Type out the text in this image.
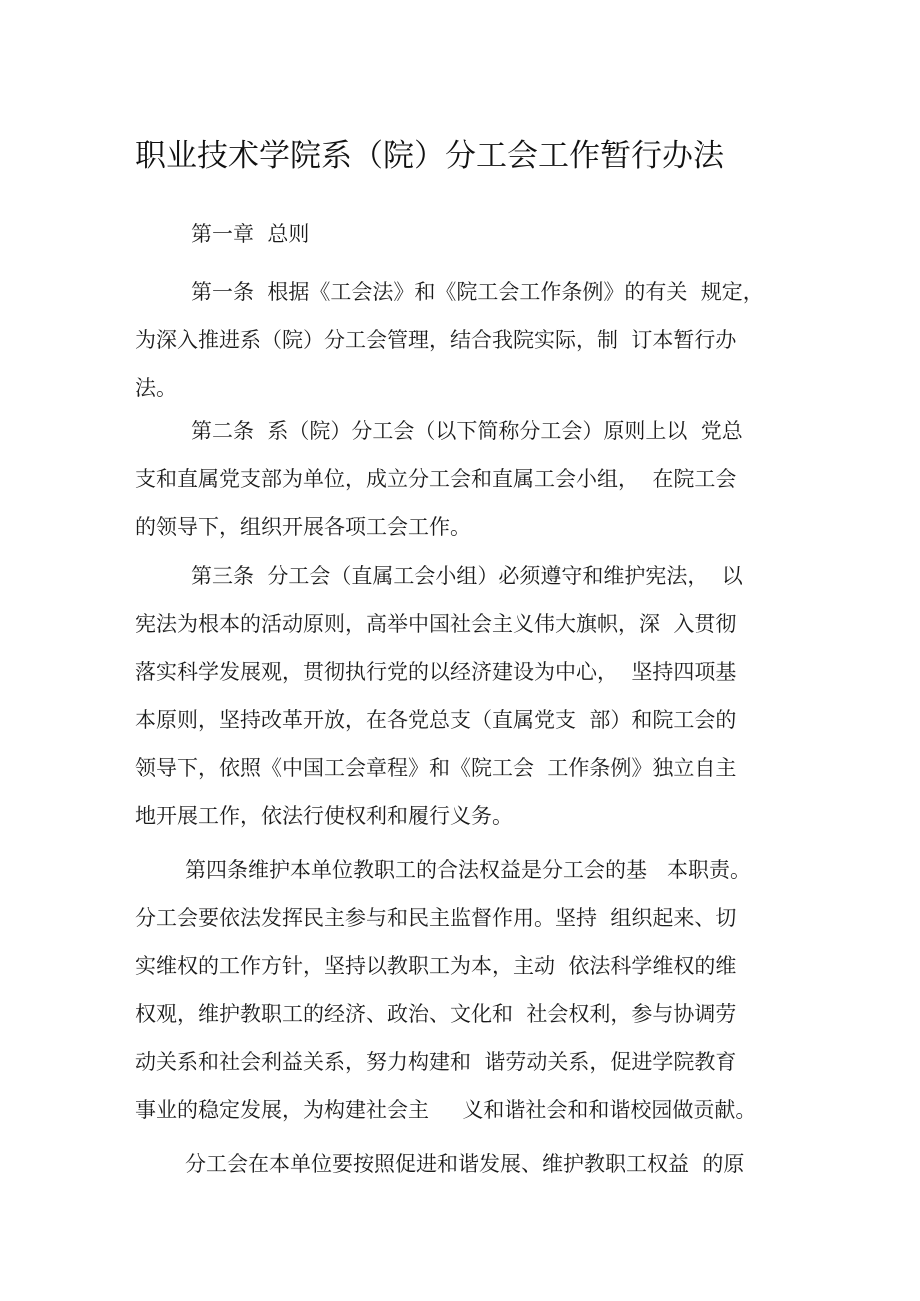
职业技术学院系（院）分工会工作暂行办法
第一章  总则
第一条  根据《工会法》和《院工会工作条例》的有关  规定，
为深入推进系（院）分工会管理，结合我院实际，制  订本暂行办
法。
第二条  系（院）分工会（以下简称分工会）原则上以  党总
支和直属党支部为单位，成立分工会和直属工会小组，  在院工会
的领导下，组织开展各项工会工作。
第三条  分工会（直属工会小组）必须遵守和维护宪法，  以
宪法为根本的活动原则，高举中国社会主义伟大旗帜，深  入贯彻
落实科学发展观，贯彻执行党的以经济建设为中心，  坚持四项基
本原则，坚持改革开放，在各党总支（直属党支  部）和院工会的
领导下，依照《中国工会章程》和《院工会  工作条例》独立自主
地开展工作，依法行使权利和履行义务。
第四条维护本单位教职工的合法权益是分工会的基   本职责。
分工会要依法发挥民主参与和民主监督作用。坚持  组织起来、切
实维权的工作方针，坚持以教职工为本，主动  依法科学维权的维
权观，维护教职工的经济、政治、文化和  社会权利，参与协调劳
动关系和社会利益关系，努力构建和  谐劳动关系，促进学院教育
事业的稳定发展，为构建社会主     义和谐社会和和谐校园做贡献。
分工会在本单位要按照促进和谐发展、维护教职工权益  的原
